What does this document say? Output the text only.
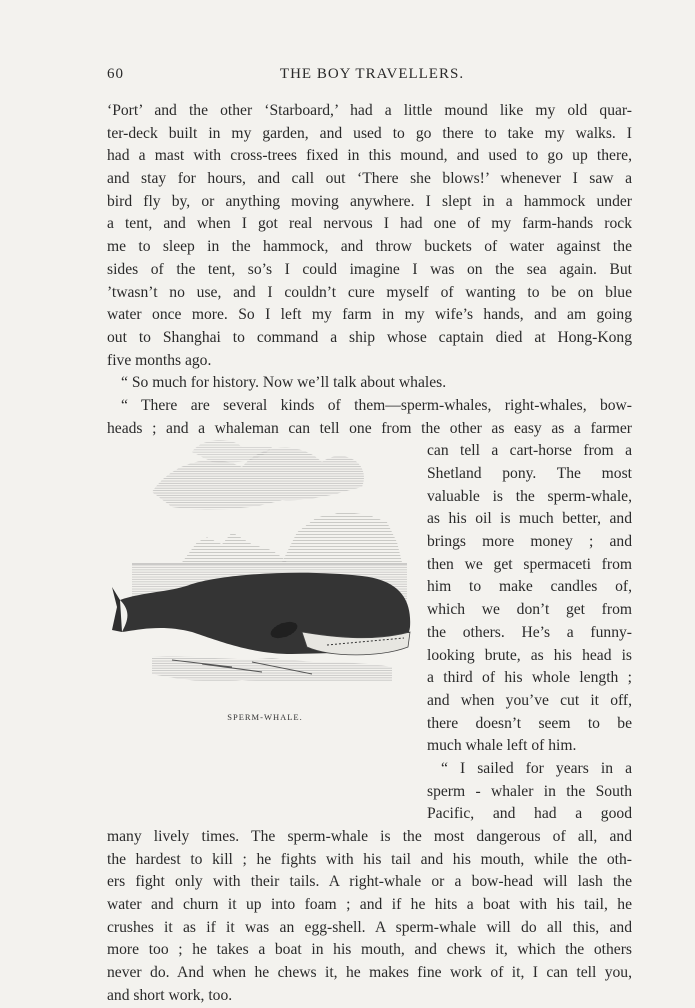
60	THE BOY TRAVELLERS.
‘Port’ and the other ‘Starboard,’ had a little mound like my old quar-
ter-deck built in my garden, and used to go there to take my walks. I
had a mast with cross-trees fixed in this mound, and used to go up there,
and stay for hours, and call out ‘There she blows!’ whenever I saw a
bird fly by, or anything moving anywhere. I slept in a hammock under
a tent, and when I got real nervous I had one of my farm-hands rock
me to sleep in the hammock, and throw buckets of water against the
sides of the tent, so’s I could imagine I was on the sea again. But
’twasn’t no use, and I couldn’t cure myself of wanting to be on blue
water once more. So I left my farm in my wife’s hands, and am going
out to Shanghai to command a ship whose captain died at Hong-Kong
five months ago.
“ So much for history. Now we’ll talk about whales.
“ There are several kinds of them—sperm-whales, right-whales, bow-
heads ; and a whaleman can tell one from the other as easy as a farmer
can tell a cart-horse from a
Shetland pony. The most
valuable is the sperm-whale,
as his oil is much better, and
brings more money ; and
then we get spermaceti from
him to make candles of,
which we don’t get from
the others. He’s a funny-
looking brute, as his head is
a third of his whole length ;
and when you’ve cut it off,
there doesn’t seem to be
much whale left of him.
“ I sailed for years in a
sperm - whaler in the South
Pacific, and had a good
many lively times. The sperm-whale is the most dangerous of all, and
the hardest to kill ; he fights with his tail and his mouth, while the oth-
ers fight only with their tails. A right-whale or a bow-head will lash the
water and churn it up into foam ; and if he hits a boat with his tail, he
crushes it as if it was an egg-shell. A sperm-whale will do all this, and
more too ; he takes a boat in his mouth, and chews it, which the others
never do. And when he chews it, he makes fine work of it, I can tell you,
and short work, too.
SPERM-WHALE.
